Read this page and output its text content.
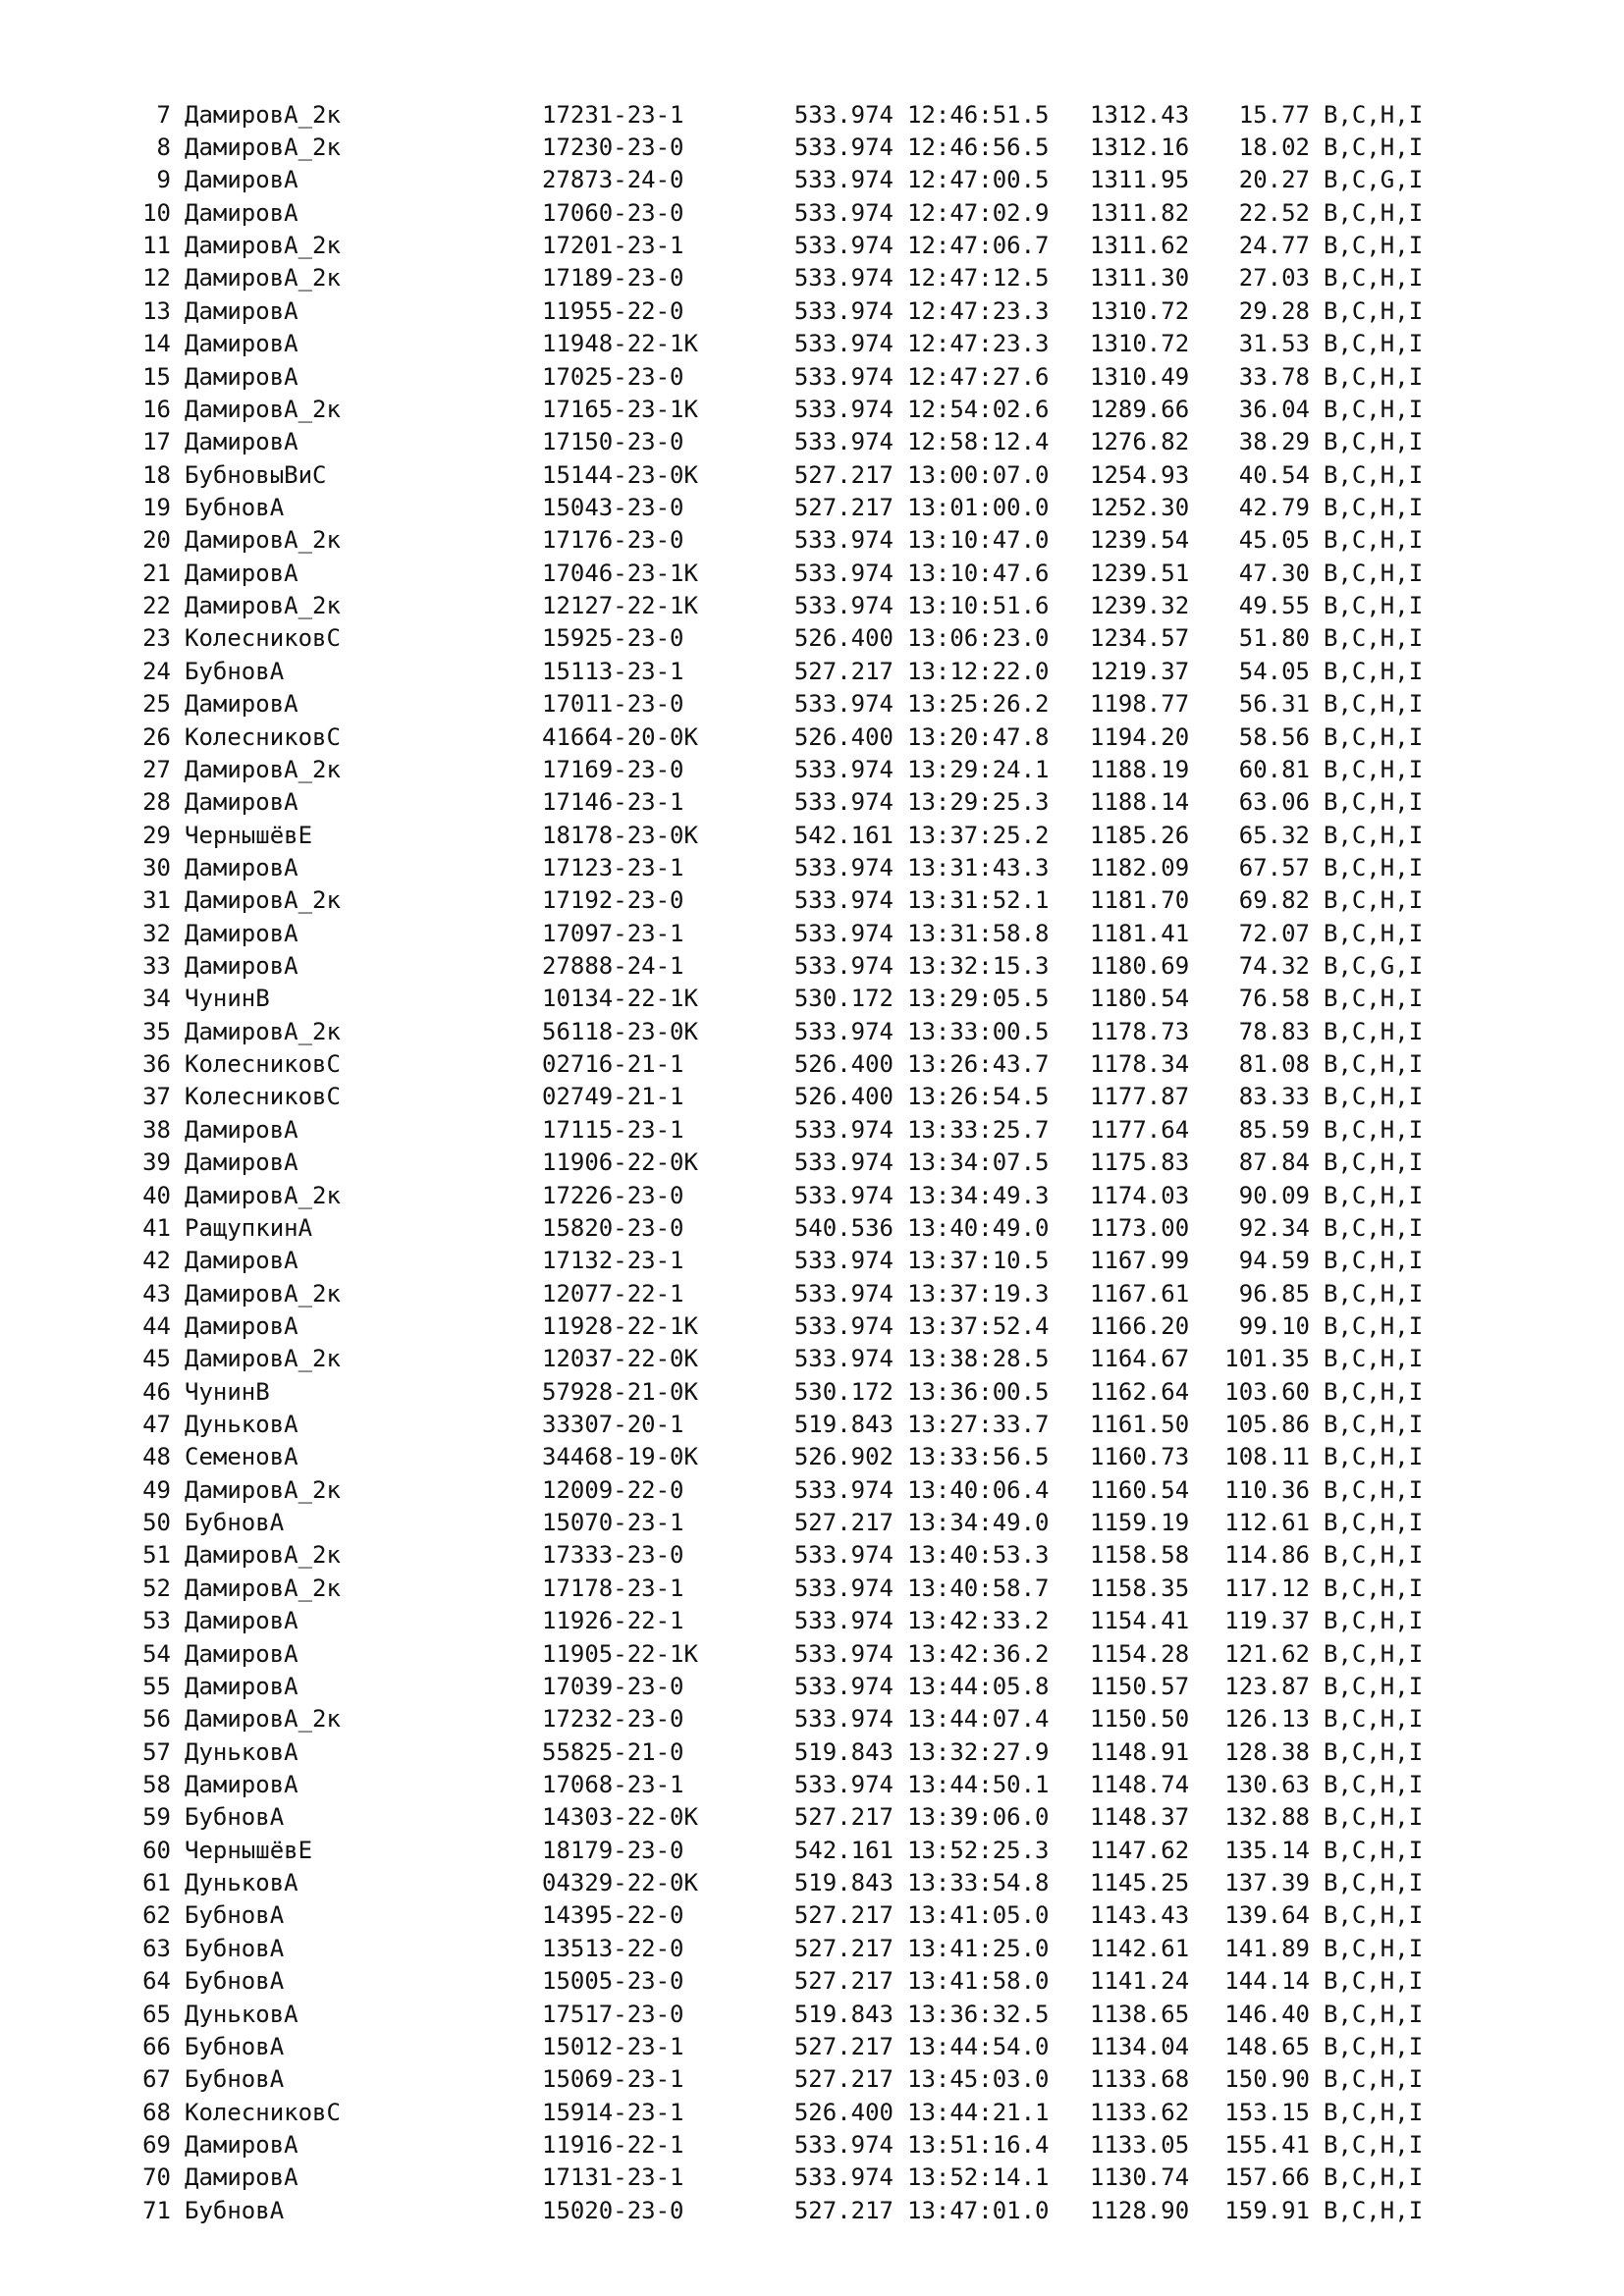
7	ДамировА_2к	17231-23-1	533.974	12:46:51.5	1312.43	15.77	B,C,H,I
8	ДамировА_2к	17230-23-0	533.974	12:46:56.5	1312.16	18.02	B,C,H,I
9	ДамировА	27873-24-0	533.974	12:47:00.5	1311.95	20.27	B,C,G,I
10	ДамировА	17060-23-0	533.974	12:47:02.9	1311.82	22.52	B,C,H,I
11	ДамировА_2к	17201-23-1	533.974	12:47:06.7	1311.62	24.77	B,C,H,I
12	ДамировА_2к	17189-23-0	533.974	12:47:12.5	1311.30	27.03	B,C,H,I
13	ДамировА	11955-22-0	533.974	12:47:23.3	1310.72	29.28	B,C,H,I
14	ДамировА	11948-22-1K	533.974	12:47:23.3	1310.72	31.53	B,C,H,I
15	ДамировА	17025-23-0	533.974	12:47:27.6	1310.49	33.78	B,C,H,I
16	ДамировА_2к	17165-23-1K	533.974	12:54:02.6	1289.66	36.04	B,C,H,I
17	ДамировА	17150-23-0	533.974	12:58:12.4	1276.82	38.29	B,C,H,I
18	БубновыВиС	15144-23-0K	527.217	13:00:07.0	1254.93	40.54	B,C,H,I
19	БубновА	15043-23-0	527.217	13:01:00.0	1252.30	42.79	B,C,H,I
20	ДамировА_2к	17176-23-0	533.974	13:10:47.0	1239.54	45.05	B,C,H,I
21	ДамировА	17046-23-1K	533.974	13:10:47.6	1239.51	47.30	B,C,H,I
22	ДамировА_2к	12127-22-1K	533.974	13:10:51.6	1239.32	49.55	B,C,H,I
23	КолесниковС	15925-23-0	526.400	13:06:23.0	1234.57	51.80	B,C,H,I
24	БубновА	15113-23-1	527.217	13:12:22.0	1219.37	54.05	B,C,H,I
25	ДамировА	17011-23-0	533.974	13:25:26.2	1198.77	56.31	B,C,H,I
26	КолесниковС	41664-20-0K	526.400	13:20:47.8	1194.20	58.56	B,C,H,I
27	ДамировА_2к	17169-23-0	533.974	13:29:24.1	1188.19	60.81	B,C,H,I
28	ДамировА	17146-23-1	533.974	13:29:25.3	1188.14	63.06	B,C,H,I
29	ЧернышёвЕ	18178-23-0K	542.161	13:37:25.2	1185.26	65.32	B,C,H,I
30	ДамировА	17123-23-1	533.974	13:31:43.3	1182.09	67.57	B,C,H,I
31	ДамировА_2к	17192-23-0	533.974	13:31:52.1	1181.70	69.82	B,C,H,I
32	ДамировА	17097-23-1	533.974	13:31:58.8	1181.41	72.07	B,C,H,I
33	ДамировА	27888-24-1	533.974	13:32:15.3	1180.69	74.32	B,C,G,I
34	ЧунинВ	10134-22-1K	530.172	13:29:05.5	1180.54	76.58	B,C,H,I
35	ДамировА_2к	56118-23-0K	533.974	13:33:00.5	1178.73	78.83	B,C,H,I
36	КолесниковС	02716-21-1	526.400	13:26:43.7	1178.34	81.08	B,C,H,I
37	КолесниковС	02749-21-1	526.400	13:26:54.5	1177.87	83.33	B,C,H,I
38	ДамировА	17115-23-1	533.974	13:33:25.7	1177.64	85.59	B,C,H,I
39	ДамировА	11906-22-0K	533.974	13:34:07.5	1175.83	87.84	B,C,H,I
40	ДамировА_2к	17226-23-0	533.974	13:34:49.3	1174.03	90.09	B,C,H,I
41	РащупкинА	15820-23-0	540.536	13:40:49.0	1173.00	92.34	B,C,H,I
42	ДамировА	17132-23-1	533.974	13:37:10.5	1167.99	94.59	B,C,H,I
43	ДамировА_2к	12077-22-1	533.974	13:37:19.3	1167.61	96.85	B,C,H,I
44	ДамировА	11928-22-1K	533.974	13:37:52.4	1166.20	99.10	B,C,H,I
45	ДамировА_2к	12037-22-0K	533.974	13:38:28.5	1164.67	101.35	B,C,H,I
46	ЧунинВ	57928-21-0K	530.172	13:36:00.5	1162.64	103.60	B,C,H,I
47	ДуньковА	33307-20-1	519.843	13:27:33.7	1161.50	105.86	B,C,H,I
48	СеменовА	34468-19-0K	526.902	13:33:56.5	1160.73	108.11	B,C,H,I
49	ДамировА_2к	12009-22-0	533.974	13:40:06.4	1160.54	110.36	B,C,H,I
50	БубновА	15070-23-1	527.217	13:34:49.0	1159.19	112.61	B,C,H,I
51	ДамировА_2к	17333-23-0	533.974	13:40:53.3	1158.58	114.86	B,C,H,I
52	ДамировА_2к	17178-23-1	533.974	13:40:58.7	1158.35	117.12	B,C,H,I
53	ДамировА	11926-22-1	533.974	13:42:33.2	1154.41	119.37	B,C,H,I
54	ДамировА	11905-22-1K	533.974	13:42:36.2	1154.28	121.62	B,C,H,I
55	ДамировА	17039-23-0	533.974	13:44:05.8	1150.57	123.87	B,C,H,I
56	ДамировА_2к	17232-23-0	533.974	13:44:07.4	1150.50	126.13	B,C,H,I
57	ДуньковА	55825-21-0	519.843	13:32:27.9	1148.91	128.38	B,C,H,I
58	ДамировА	17068-23-1	533.974	13:44:50.1	1148.74	130.63	B,C,H,I
59	БубновА	14303-22-0K	527.217	13:39:06.0	1148.37	132.88	B,C,H,I
60	ЧернышёвЕ	18179-23-0	542.161	13:52:25.3	1147.62	135.14	B,C,H,I
61	ДуньковА	04329-22-0K	519.843	13:33:54.8	1145.25	137.39	B,C,H,I
62	БубновА	14395-22-0	527.217	13:41:05.0	1143.43	139.64	B,C,H,I
63	БубновА	13513-22-0	527.217	13:41:25.0	1142.61	141.89	B,C,H,I
64	БубновА	15005-23-0	527.217	13:41:58.0	1141.24	144.14	B,C,H,I
65	ДуньковА	17517-23-0	519.843	13:36:32.5	1138.65	146.40	B,C,H,I
66	БубновА	15012-23-1	527.217	13:44:54.0	1134.04	148.65	B,C,H,I
67	БубновА	15069-23-1	527.217	13:45:03.0	1133.68	150.90	B,C,H,I
68	КолесниковС	15914-23-1	526.400	13:44:21.1	1133.62	153.15	B,C,H,I
69	ДамировА	11916-22-1	533.974	13:51:16.4	1133.05	155.41	B,C,H,I
70	ДамировА	17131-23-1	533.974	13:52:14.1	1130.74	157.66	B,C,H,I
71	БубновА	15020-23-0	527.217	13:47:01.0	1128.90	159.91	B,C,H,I
